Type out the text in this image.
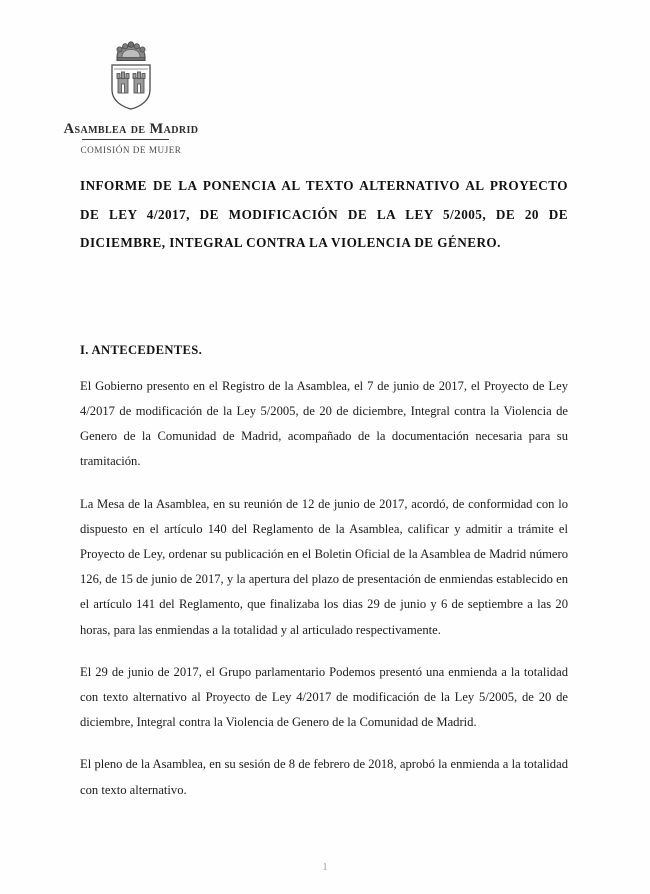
Asamblea de Madrid
COMISIÓN DE MUJER
INFORME DE LA PONENCIA AL TEXTO ALTERNATIVO AL PROYECTO DE LEY 4/2017, DE MODIFICACIÓN DE LA LEY 5/2005, DE 20 DE DICIEMBRE, INTEGRAL CONTRA LA VIOLENCIA DE GÉNERO.
I. ANTECEDENTES.

El Gobierno presento en el Registro de la Asamblea, el 7 de junio de 2017, el Proyecto de Ley 4/2017 de modificación de la Ley 5/2005, de 20 de diciembre, Integral contra la Violencia de Genero de la Comunidad de Madrid, acompañado de la documentación necesaria para su tramitación.

La Mesa de la Asamblea, en su reunión de 12 de junio de 2017, acordó, de conformidad con lo dispuesto en el artículo 140 del Reglamento de la Asamblea, calificar y admitir a trámite el Proyecto de Ley, ordenar su publicación en el Boletin Oficial de la Asamblea de Madrid número 126, de 15 de junio de 2017, y la apertura del plazo de presentación de enmiendas establecido en el artículo 141 del Reglamento, que finalizaba los dias 29 de junio y 6 de septiembre a las 20 horas, para las enmiendas a la totalidad y al articulado respectivamente.

El 29 de junio de 2017, el Grupo parlamentario Podemos presentó una enmienda a la totalidad con texto alternativo al Proyecto de Ley 4/2017 de modificación de la Ley 5/2005, de 20 de diciembre, Integral contra la Violencia de Genero de la Comunidad de Madrid.

El pleno de la Asamblea, en su sesión de 8 de febrero de 2018, aprobó la enmienda a la totalidad con texto alternativo.

1
